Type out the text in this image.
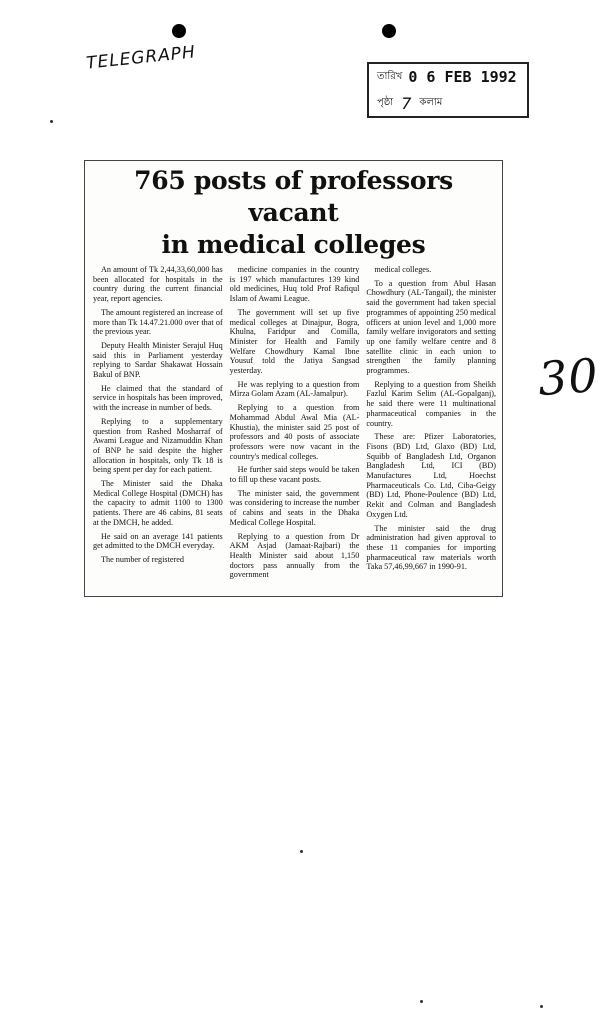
TELEGRAPH
তারিখ 0 6 FEB 1992
পৃষ্ঠা 7 কলাম
30
765 posts of professors vacant
in medical colleges

An amount of Tk 2,44,33,60,000 has been allocated for hospitals in the country during the current financial year, report agencies.

The amount registered an increase of more than Tk 14.47.21.000 over that of the previous year.

Deputy Health Minister Serajul Huq said this in Parliament yesterday replying to Sardar Shakawat Hossain Bakul of BNP.

He claimed that the standard of service in hospitals has been improved, with the increase in number of beds.

Replying to a supplementary question from Rashed Mosharraf of Awami League and Nizamuddin Khan of BNP he said despite the higher allocation in hospitals, only Tk 18 is being spent per day for each patient.

The Minister said the Dhaka Medical College Hospital (DMCH) has the capacity to admit 1100 to 1300 patients. There are 46 cabins, 81 seats at the DMCH, he added.

He said on an average 141 patients get admitted to the DMCH everyday.

The number of registered

medicine companies in the country is 197 which manufactures 139 kind old medicines, Huq told Prof Rafiqul Islam of Awami League.

The government will set up five medical colleges at Dinajpur, Bogra, Khulna, Faridpur and Comilla, Minister for Health and Family Welfare Chowdhury Kamal Ibne Yousuf told the Jatiya Sangsad yesterday.

He was replying to a question from Mirza Golam Azam (AL-Jamalpur).

Replying to a question from Mohammad Abdul Awal Mia (AL-Khustia), the minister said 25 post of professors and 40 posts of associate professors were now vacant in the country's medical colleges.

He further said steps would be taken to fill up these vacant posts.

The minister said, the government was considering to increase the number of cabins and seats in the Dhaka Medical College Hospital.

Replying to a question from Dr AKM Asjad (Jamaat-Rajbari) the Health Minister said about 1,150 doctors pass annually from the government

medical colleges.

To a question from Abul Hasan Chowdhury (AL-Tangail), the minister said the government had taken special programmes of appointing 250 medical officers at union level and 1,000 more family welfare invigorators and setting up one family welfare centre and 8 satellite clinic in each union to strengthen the family planning programmes.

Replying to a question from Sheikh Fazlul Karim Selim (AL-Gopalganj), he said there were 11 multinational pharmaceutical companies in the country.

These are: Pfizer Laboratories, Fisons (BD) Ltd, Glaxo (BD) Ltd, Squibb of Bangladesh Ltd, Organon Bangladesh Ltd, ICI (BD) Manufactures Ltd, Hoechst Pharmaceuticals Co. Ltd, Ciba-Geigy (BD) Ltd, Phone-Poulence (BD) Ltd, Rekit and Colman and Bangladesh Oxygen Ltd.

The minister said the drug administration had given approval to these 11 companies for importing pharmaceutical raw materials worth Taka 57,46,99,667 in 1990-91.
